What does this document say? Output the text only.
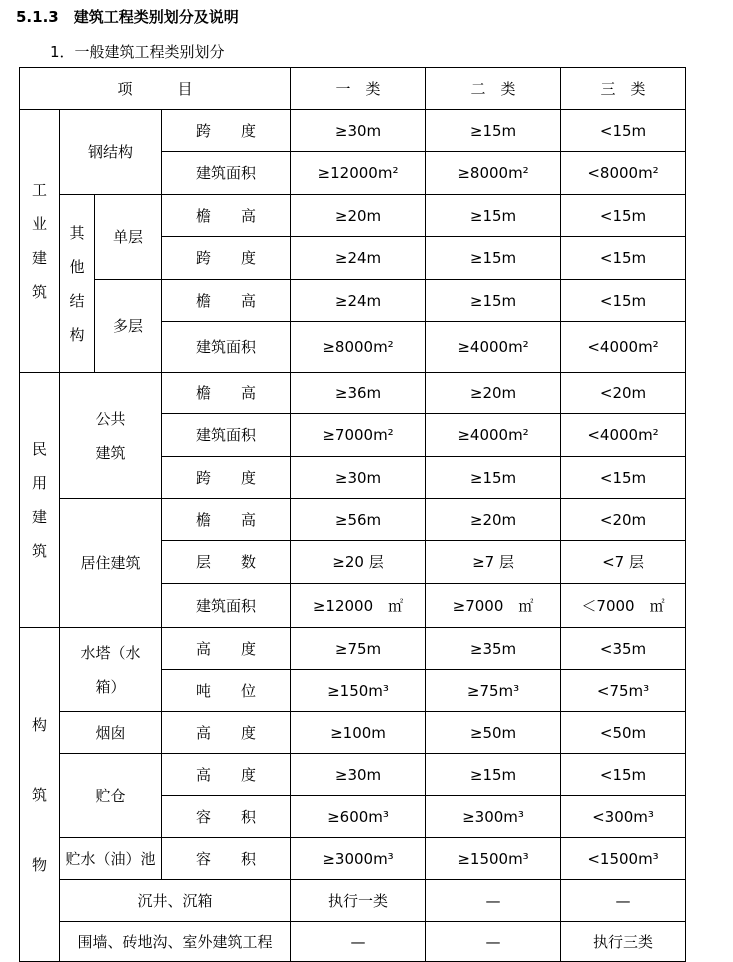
5.1.3　建筑工程类别划分及说明
1．一般建筑工程类别划分
项　　　目				一　类	二　类	三　类
工业建筑	钢结构		跨　　度	≥30m	≥15m	<15m
			建筑面积	≥12000m²	≥8000m²	<8000m²
	其他结构	单层	檐　　高	≥20m	≥15m	<15m
			跨　　度	≥24m	≥15m	<15m
		多层	檐　　高	≥24m	≥15m	<15m
			建筑面积	≥8000m²	≥4000m²	<4000m²
民用建筑	公共建筑		檐　　高	≥36m	≥20m	<20m
			建筑面积	≥7000m²	≥4000m²	<4000m²
			跨　　度	≥30m	≥15m	<15m
	居住建筑		檐　　高	≥56m	≥20m	<20m
			层　　数	≥20 层	≥7 层	<7 层
			建筑面积	≥12000　㎡	≥7000　㎡	＜7000　㎡
构筑物	水塔（水箱）		高　　度	≥75m	≥35m	<35m
			吨　　位	≥150m³	≥75m³	<75m³
	烟囱		高　　度	≥100m	≥50m	<50m
	贮仓		高　　度	≥30m	≥15m	<15m
			容　　积	≥600m³	≥300m³	<300m³
	贮水（油）池		容　　积	≥3000m³	≥1500m³	<1500m³
	沉井、沉箱			执行一类	—	—
	围墙、砖地沟、室外建筑工程			—	—	执行三类
